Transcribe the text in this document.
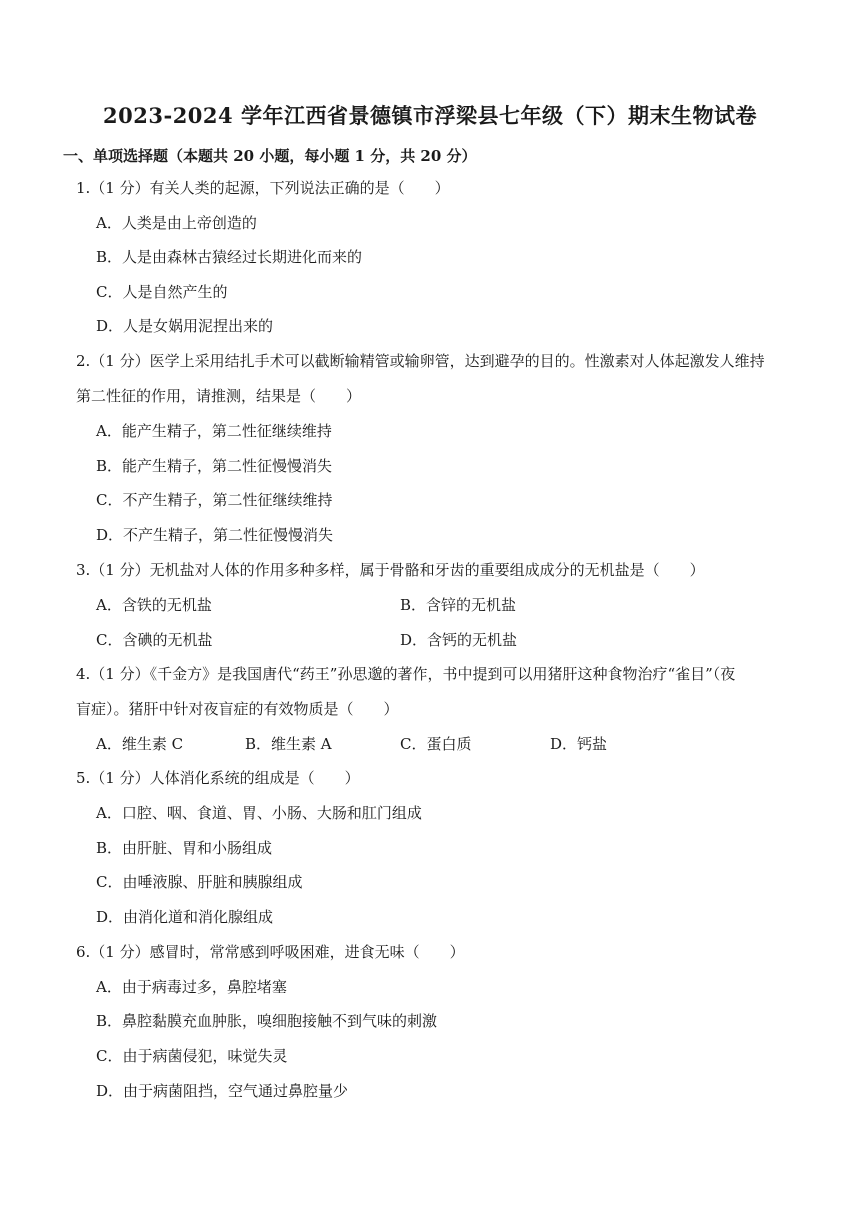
2023-2024 学年江西省景德镇市浮梁县七年级（下）期末生物试卷
一、单项选择题（本题共 20 小题，每小题 1 分，共 20 分）
1.（1 分）有关人类的起源，下列说法正确的是（　　）
A．人类是由上帝创造的
B．人是由森林古猿经过长期进化而来的
C．人是自然产生的
D．人是女娲用泥捏出来的
2.（1 分）医学上采用结扎手术可以截断输精管或输卵管，达到避孕的目的。性激素对人体起激发人维持
第二性征的作用，请推测，结果是（　　）
A．能产生精子，第二性征继续维持
B．能产生精子，第二性征慢慢消失
C．不产生精子，第二性征继续维持
D．不产生精子，第二性征慢慢消失
3.（1 分）无机盐对人体的作用多种多样，属于骨骼和牙齿的重要组成成分的无机盐是（　　）
A．含铁的无机盐	B．含锌的无机盐
C．含碘的无机盐	D．含钙的无机盐
4.（1 分）《千金方》是我国唐代“药王”孙思邈的著作，书中提到可以用猪肝这种食物治疗“雀目”（夜
盲症）。猪肝中针对夜盲症的有效物质是（　　）
A．维生素 C	B．维生素 A	C．蛋白质	D．钙盐
5.（1 分）人体消化系统的组成是（　　）
A．口腔、咽、食道、胃、小肠、大肠和肛门组成
B．由肝脏、胃和小肠组成
C．由唾液腺、肝脏和胰腺组成
D．由消化道和消化腺组成
6.（1 分）感冒时，常常感到呼吸困难，进食无味（　　）
A．由于病毒过多，鼻腔堵塞
B．鼻腔黏膜充血肿胀，嗅细胞接触不到气味的刺激
C．由于病菌侵犯，味觉失灵
D．由于病菌阻挡，空气通过鼻腔量少
